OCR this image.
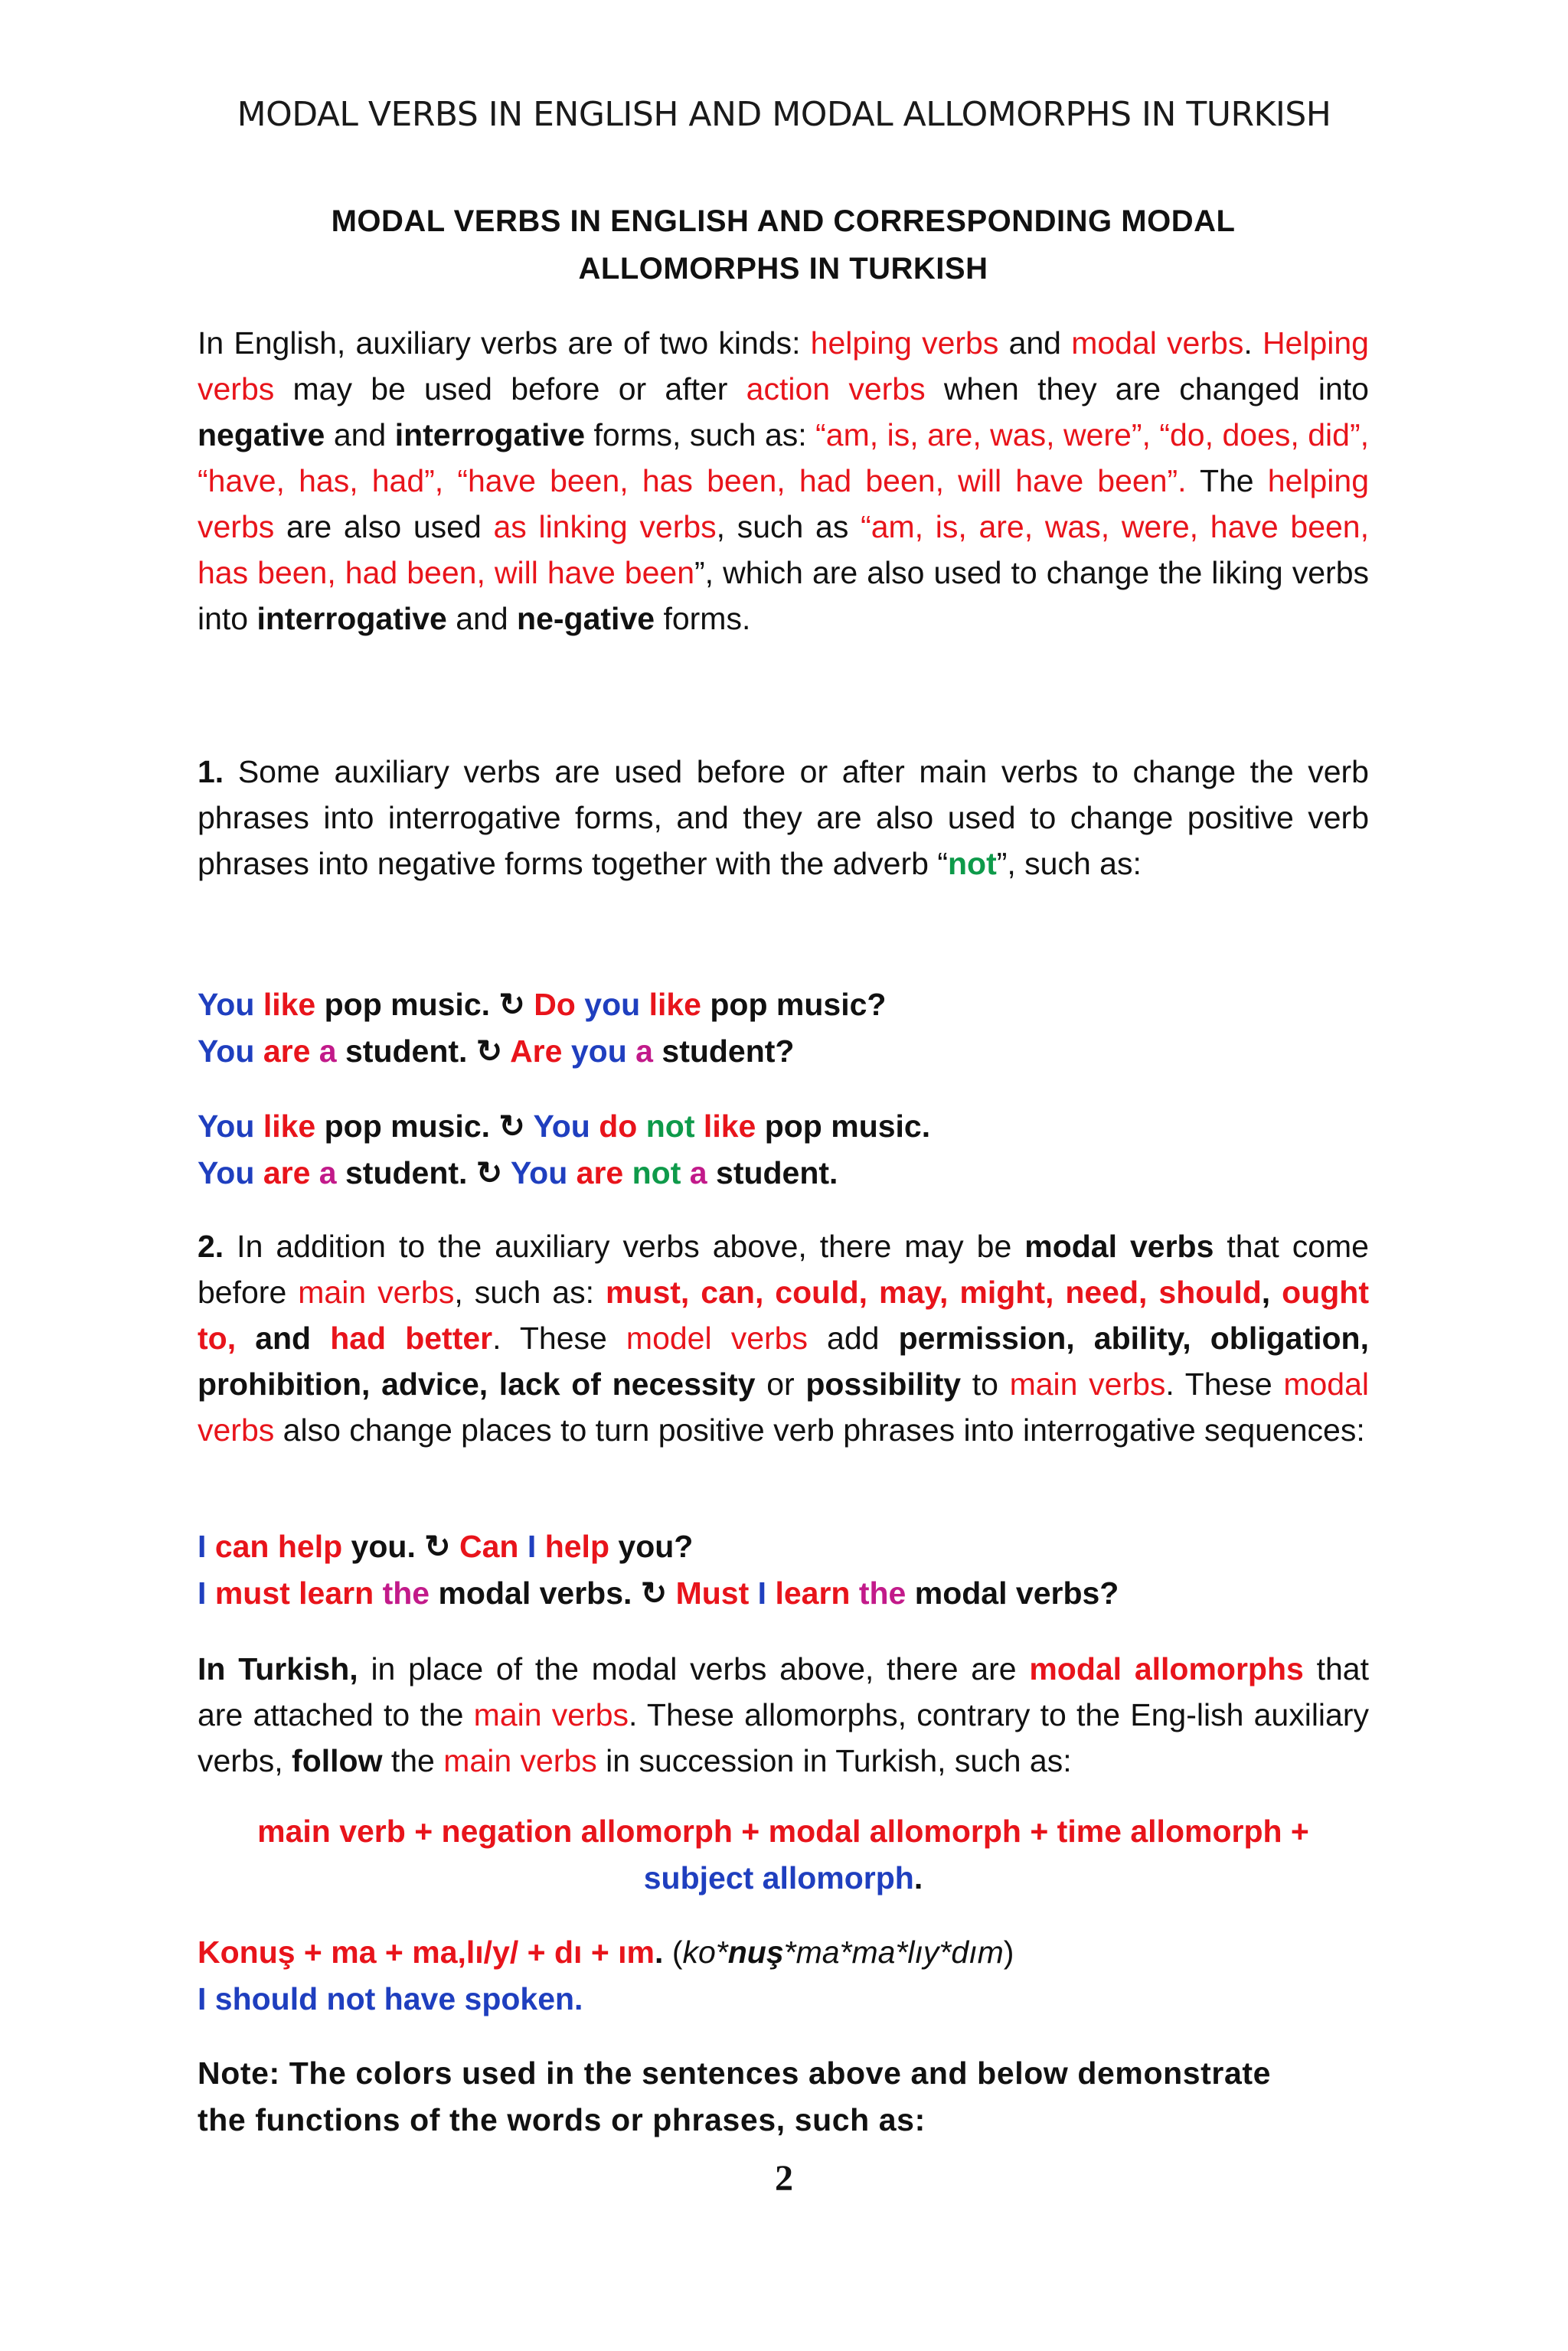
MODAL VERBS IN ENGLISH AND MODAL ALLOMORPHS IN TURKISH
MODAL VERBS IN ENGLISH AND CORRESPONDING MODAL
ALLOMORPHS IN TURKISH
In English, auxiliary verbs are of two kinds: helping verbs and modal verbs. Helping verbs may be used before or after action verbs when they are changed into negative and interrogative forms, such as: “am, is, are, was, were”, “do, does, did”, “have, has, had”, “have been, has been, had been, will have been”. The helping verbs are also used as linking verbs, such as “am, is, are, was, were, have been, has been, had been, will have been”, which are also used to change the liking verbs into interrogative and ne-gative forms.
1. Some auxiliary verbs are used before or after main verbs to change the verb phrases into interrogative forms, and they are also used to change positive verb phrases into negative forms together with the adverb “not”, such as:
You like pop music. ↻ Do you like pop music?
You are a student. ↻ Are you a student?
You like pop music. ↻ You do not like pop music.
You are a student. ↻ You are not a student.
2. In addition to the auxiliary verbs above, there may be modal verbs that come before main verbs, such as: must, can, could, may, might, need, should, ought to, and had better. These model verbs add permission, ability, obligation, prohibition, advice, lack of necessity or possibility to main verbs. These modal verbs also change places to turn positive verb phrases into interrogative sequences:
I can help you. ↻ Can I help you?
I must learn the modal verbs. ↻ Must I learn the modal verbs?
In Turkish, in place of the modal verbs above, there are modal allomorphs that are attached to the main verbs. These allomorphs, contrary to the Eng-lish auxiliary verbs, follow the main verbs in succession in Turkish, such as:
main verb + negation allomorph + modal allomorph + time allomorph +
subject allomorph.
Konuş + ma + ma,lı/y/ + dı + ım. (ko*nuş*ma*ma*lıy*dım)
I should not have spoken.
Note: The colors used in the sentences above and below demonstrate
the functions of the words or phrases, such as:
2
